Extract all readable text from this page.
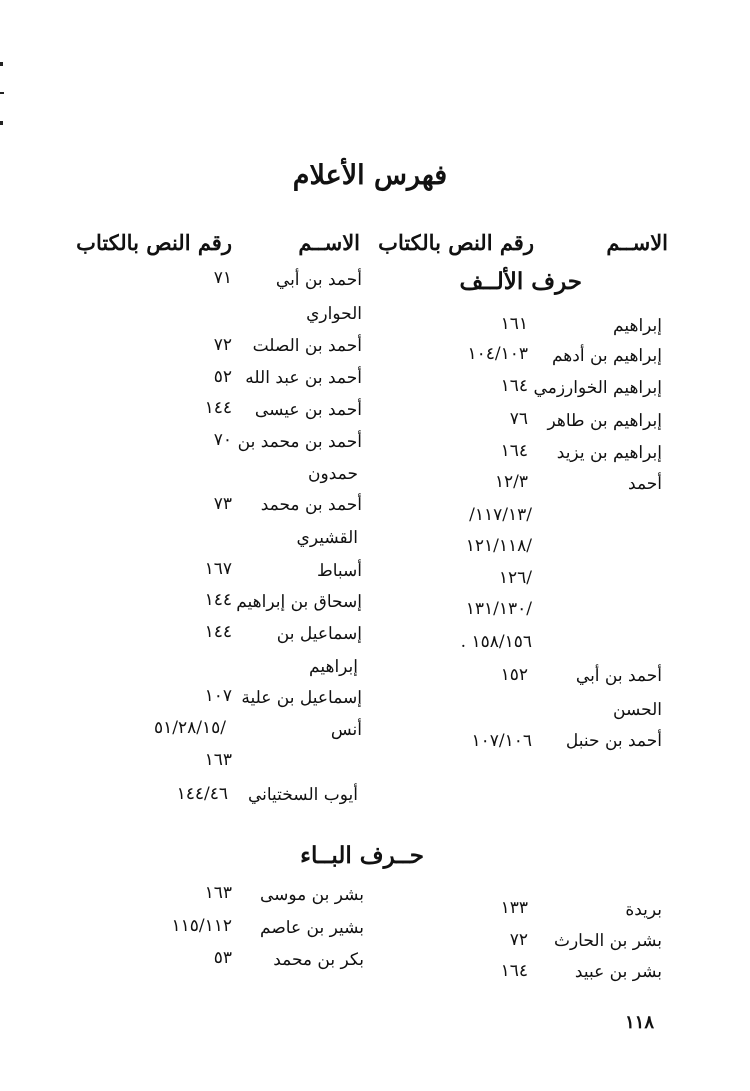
فهرس الأعلام
الاســم
رقم النص بالكتاب
الاســم
رقم النص بالكتاب
حرف الألــف
إبراهيم
إبراهيم بن أدهم
إبراهيم الخوارزمي
إبراهيم بن طاهر
إبراهيم بن يزيد
أحمد
أحمد بن أبي
الحسن
أحمد بن حنبل
١٦١
١٠٤/١٠٣
١٦٤
٧٦
١٦٤
١٢/٣
/١١٧/١٣/
/١٢١/١١٨
/١٢٦
/١٣١/١٣٠
١٥٨/١٥٦ .
١٥٢
١٠٧/١٠٦
أحمد بن أبي
الحواري
أحمد بن الصلت
أحمد بن عبد الله
أحمد بن عيسى
أحمد بن محمد بن
حمدون
أحمد بن محمد
القشيري
أسباط
إسحاق بن إبراهيم
إسماعيل بن
إبراهيم
إسماعيل بن علية
أنس
أيوب السختياني
٧١
٧٢
٥٢
١٤٤
٧٠
٧٣
١٦٧
١٤٤
١٤٤
١٠٧
/٥١/٢٨/١٥
١٦٣
١٤٤/٤٦
حــرف البــاء
بريدة
بشر بن الحارث
بشر بن عبيد
١٣٣
٧٢
١٦٤
بشر بن موسى
بشير بن عاصم
بكر بن محمد
١٦٣
١١٥/١١٢
٥٣
١١٨
